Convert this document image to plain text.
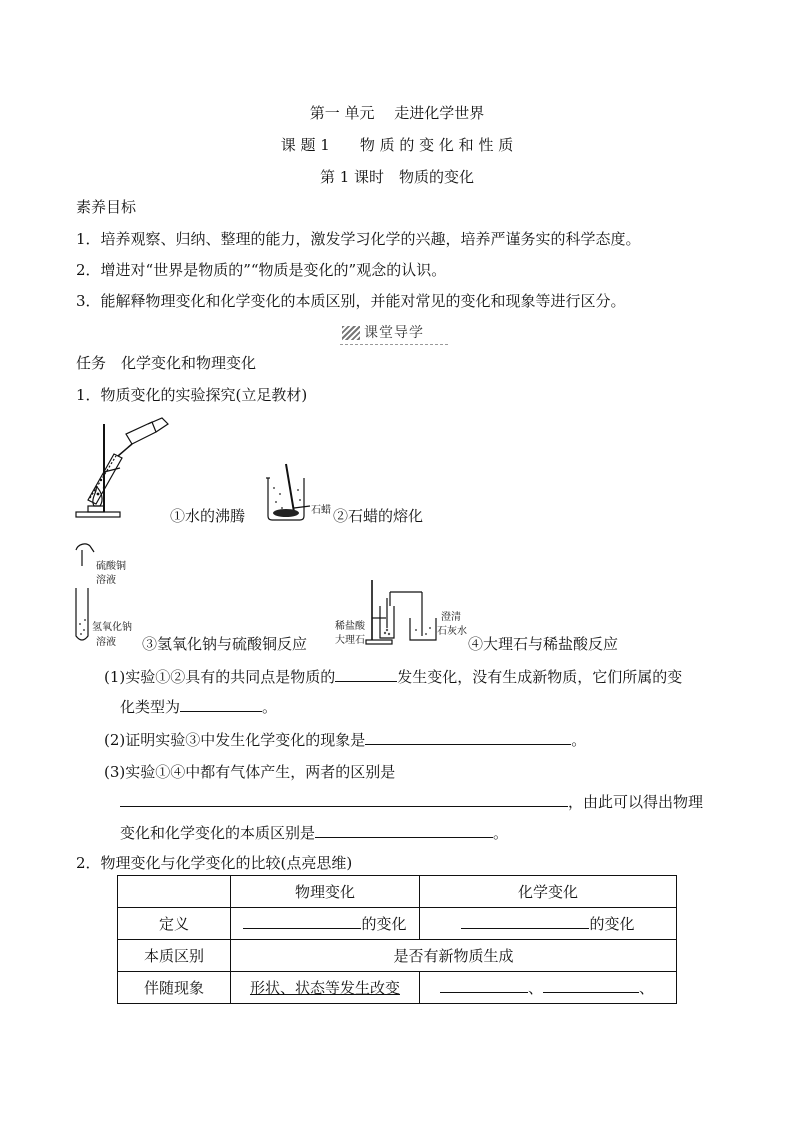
第一 单元　 走进化学世界
课 题 1　　物 质 的 变 化 和 性 质
第 1 课时　物质的变化
素养目标
1．培养观察、归纳、整理的能力，激发学习化学的兴趣，培养严谨务实的科学态度。
2．增进对“世界是物质的”“物质是变化的”观念的认识。
3．能解释物理变化和化学变化的本质区别，并能对常见的变化和现象等进行区分。
课堂导学
任务　化学变化和物理变化
1．物质变化的实验探究(立足教材)
①水的沸腾	石蜡 ②石蜡的熔化
硫酸铜
溶液
氢氧化钠
溶液 ③氢氧化钠与硫酸铜反应
稀盐酸
大理石
澄清
石灰水
④大理石与稀盐酸反应
(1)实验①②具有的共同点是物质的	发生变化，没有生成新物质，它们所属的变
化类型为	。
(2)证明实验③中发生化学变化的现象是	。
(3)实验①④中都有气体产生，两者的区别是
，由此可以得出物理
变化和化学变化的本质区别是	。
2．物理变化与化学变化的比较(点亮思维)
	物理变化	化学变化
定义	的变化	的变化
本质区别	是否有新物质生成	
伴随现象	形状、状态等发生改变	、 、
